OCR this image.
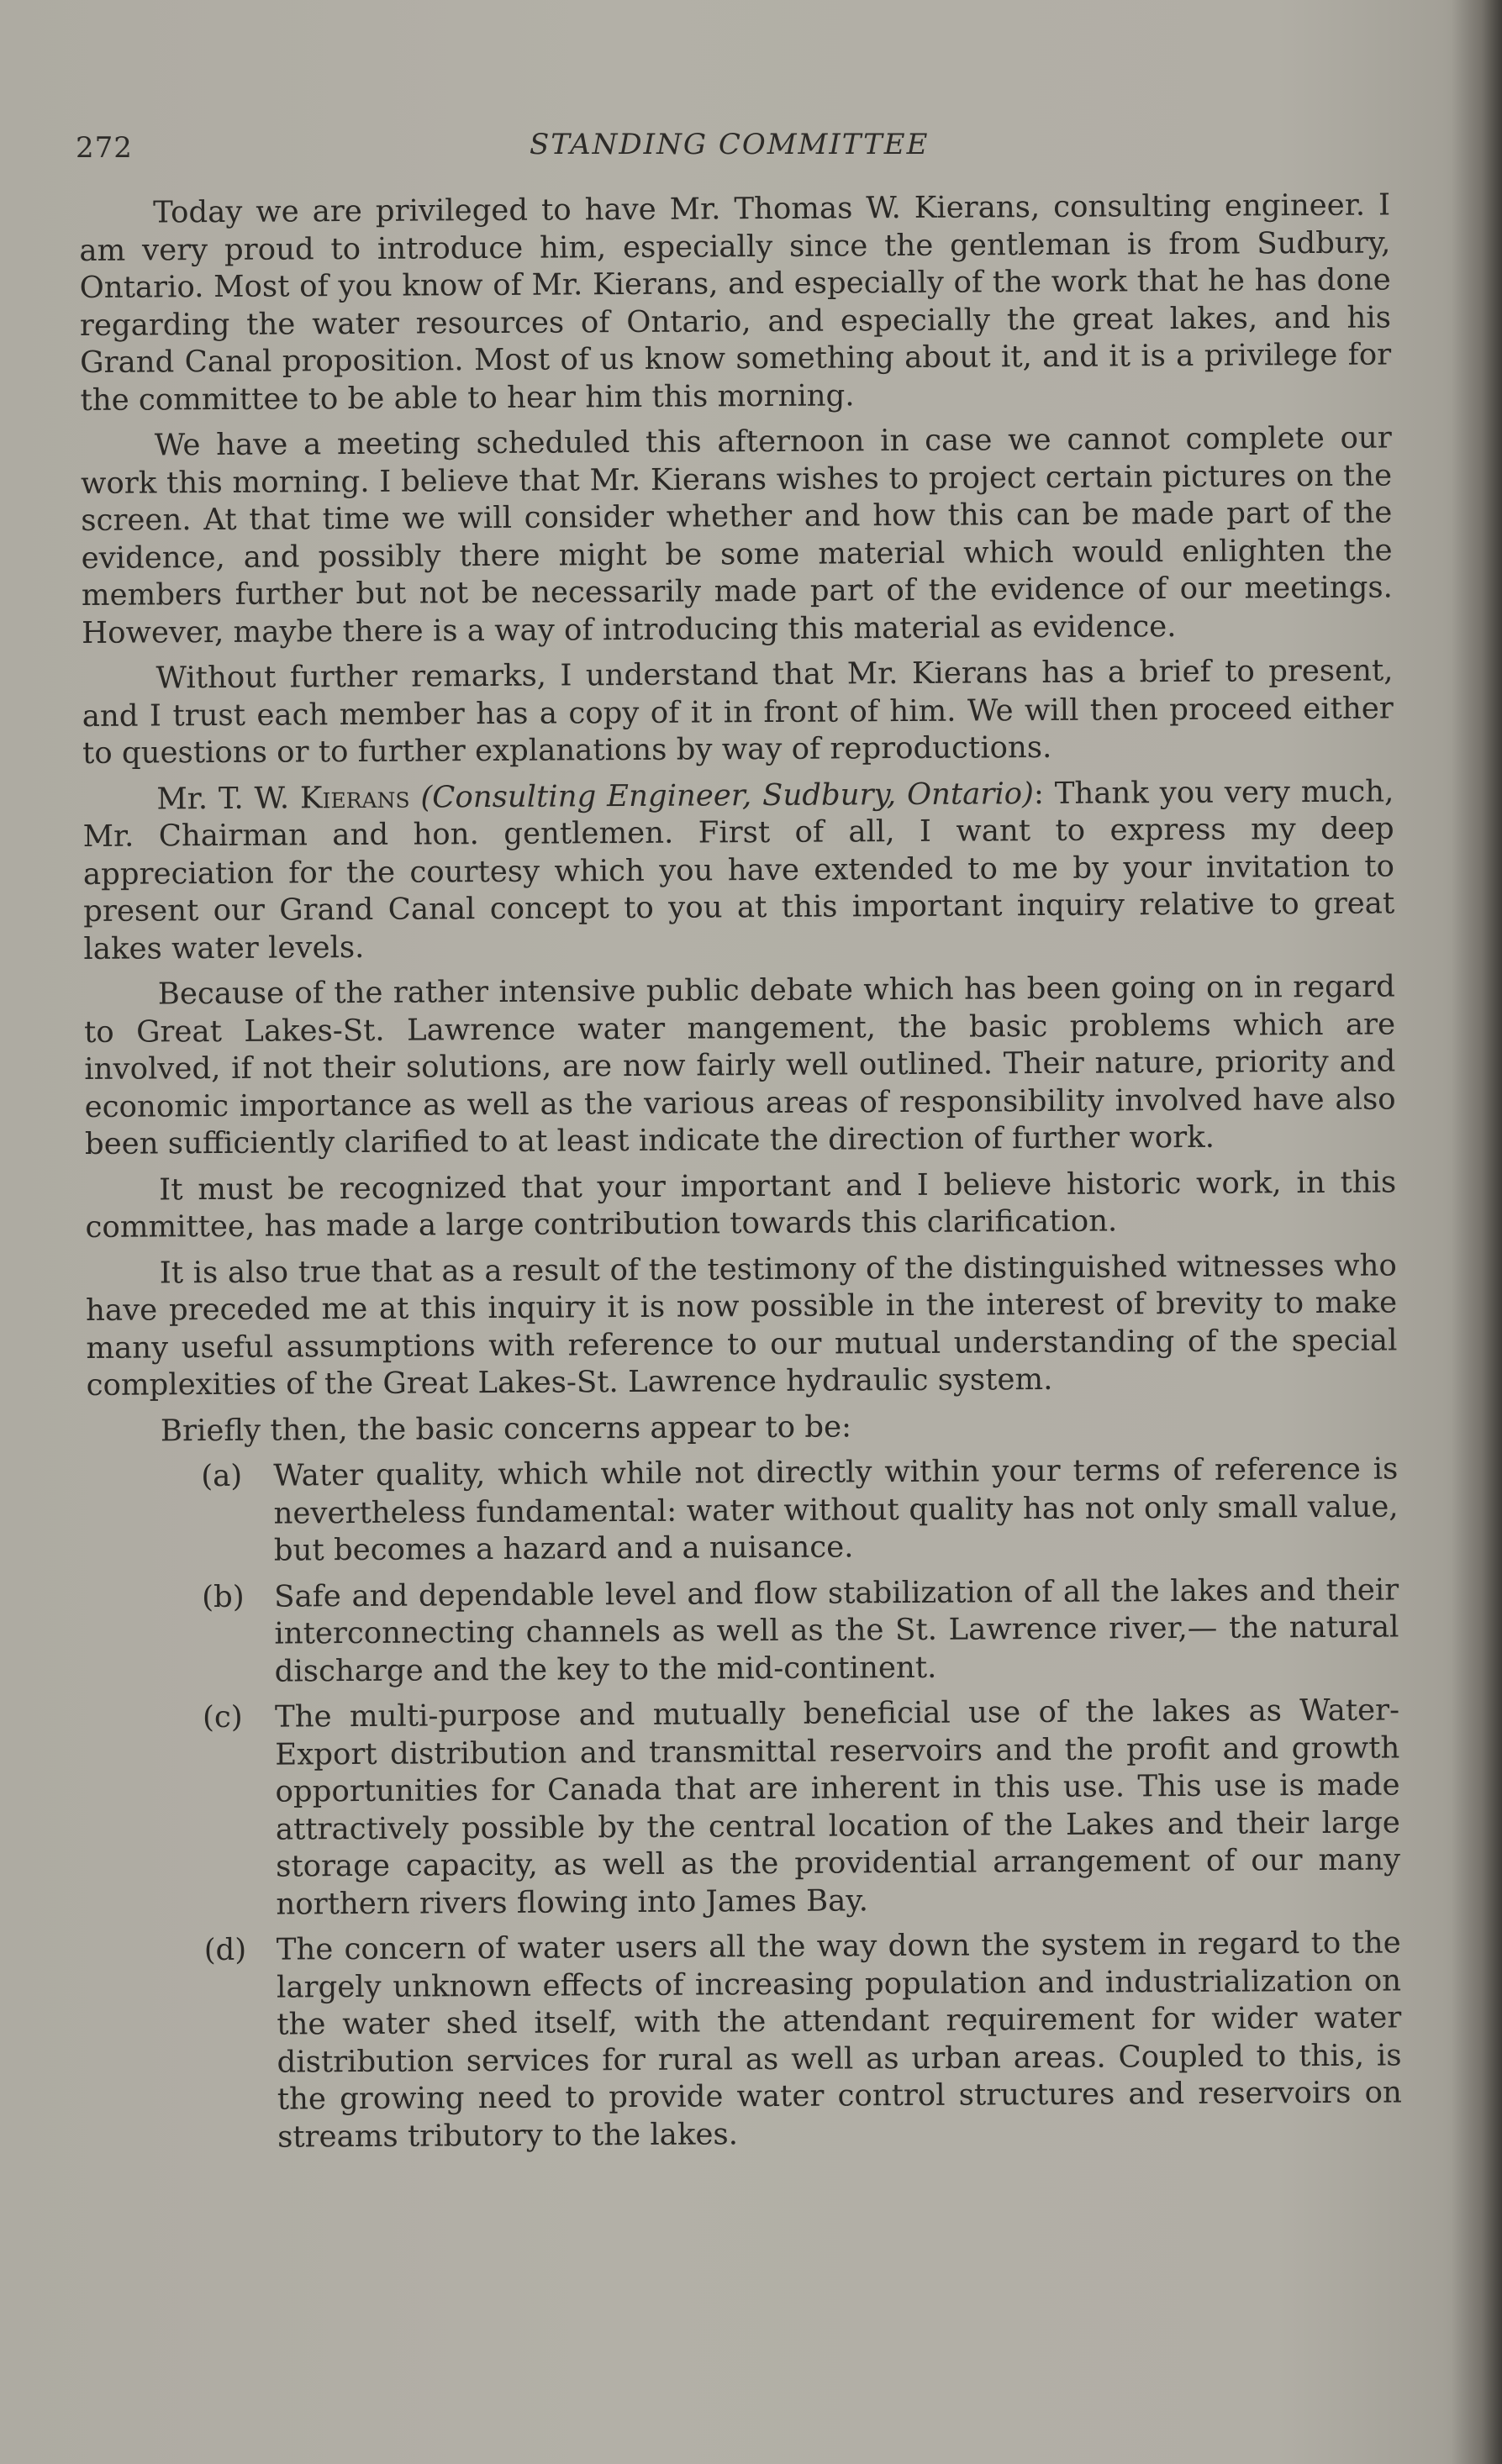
272	STANDING COMMITTEE

Today we are privileged to have Mr. Thomas W. Kierans, consulting engineer. I am very proud to introduce him, especially since the gentleman is from Sudbury, Ontario. Most of you know of Mr. Kierans, and especially of the work that he has done regarding the water resources of Ontario, and especially the great lakes, and his Grand Canal proposition. Most of us know something about it, and it is a privilege for the committee to be able to hear him this morning.

We have a meeting scheduled this afternoon in case we cannot complete our work this morning. I believe that Mr. Kierans wishes to project certain pictures on the screen. At that time we will consider whether and how this can be made part of the evidence, and possibly there might be some material which would enlighten the members further but not be necessarily made part of the evidence of our meetings. However, maybe there is a way of introducing this material as evidence.

Without further remarks, I understand that Mr. Kierans has a brief to present, and I trust each member has a copy of it in front of him. We will then proceed either to questions or to further explanations by way of reproductions.

Mr. T. W. Kierans (Consulting Engineer, Sudbury, Ontario): Thank you very much, Mr. Chairman and hon. gentlemen. First of all, I want to express my deep appreciation for the courtesy which you have extended to me by your invitation to present our Grand Canal concept to you at this important inquiry relative to great lakes water levels.

Because of the rather intensive public debate which has been going on in regard to Great Lakes-St. Lawrence water mangement, the basic problems which are involved, if not their solutions, are now fairly well outlined. Their nature, priority and economic importance as well as the various areas of responsibility involved have also been sufficiently clarified to at least indicate the direction of further work.

It must be recognized that your important and I believe historic work, in this committee, has made a large contribution towards this clarification.

It is also true that as a result of the testimony of the distinguished witnesses who have preceded me at this inquiry it is now possible in the interest of brevity to make many useful assumptions with reference to our mutual understanding of the special complexities of the Great Lakes-St. Lawrence hydraulic system.

Briefly then, the basic concerns appear to be:

(a) Water quality, which while not directly within your terms of reference is nevertheless fundamental: water without quality has not only small value, but becomes a hazard and a nuisance.
(b) Safe and dependable level and flow stabilization of all the lakes and their interconnecting channels as well as the St. Lawrence river,— the natural discharge and the key to the mid-continent.
(c) The multi-purpose and mutually beneficial use of the lakes as Water-Export distribution and transmittal reservoirs and the profit and growth opportunities for Canada that are inherent in this use. This use is made attractively possible by the central location of the Lakes and their large storage capacity, as well as the providential arrangement of our many northern rivers flowing into James Bay.
(d) The concern of water users all the way down the system in regard to the largely unknown effects of increasing population and industrialization on the water shed itself, with the attendant requirement for wider water distribution services for rural as well as urban areas. Coupled to this, is the growing need to provide water control structures and reservoirs on streams tributory to the lakes.
